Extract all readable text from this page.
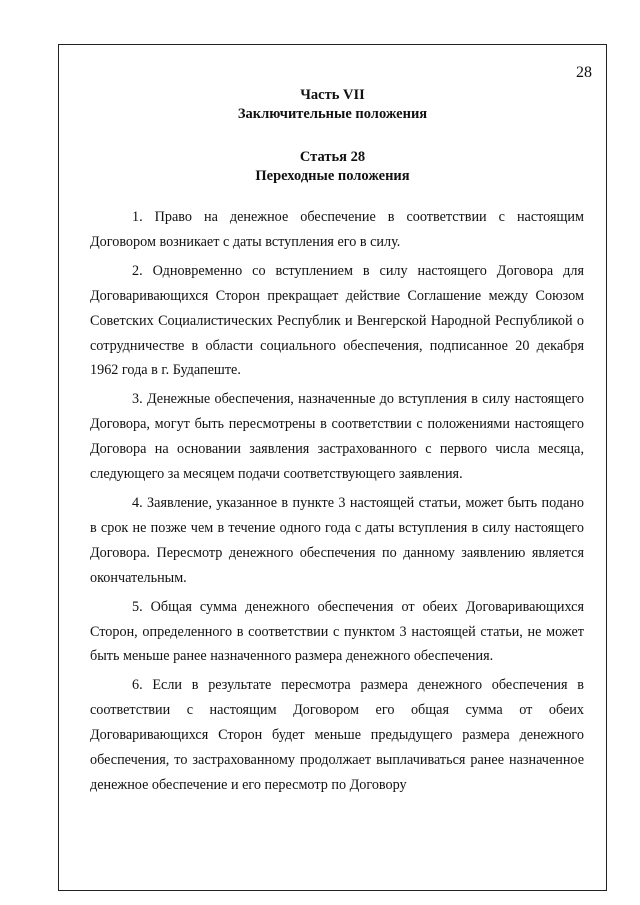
28
Часть VII
Заключительные положения
Статья 28
Переходные положения

1. Право на денежное обеспечение в соответствии с настоящим Договором возникает с даты вступления его в силу.

2. Одновременно со вступлением в силу настоящего Договора для Договаривающихся Сторон прекращает действие Соглашение между Союзом Советских Социалистических Республик и Венгерской Народной Республикой о сотрудничестве в области социального обеспечения, подписанное 20 декабря 1962 года в г. Будапеште.

3. Денежные обеспечения, назначенные до вступления в силу настоящего Договора, могут быть пересмотрены в соответствии с положениями настоящего Договора на основании заявления застрахованного с первого числа месяца, следующего за месяцем подачи соответствующего заявления.

4. Заявление, указанное в пункте 3 настоящей статьи, может быть подано в срок не позже чем в течение одного года с даты вступления в силу настоящего Договора. Пересмотр денежного обеспечения по данному заявлению является окончательным.

5. Общая сумма денежного обеспечения от обеих Договаривающихся Сторон, определенного в соответствии с пунктом 3 настоящей статьи, не может быть меньше ранее назначенного размера денежного обеспечения.

6. Если в результате пересмотра размера денежного обеспечения в соответствии с настоящим Договором его общая сумма от обеих Договаривающихся Сторон будет меньше предыдущего размера денежного обеспечения, то застрахованному продолжает выплачиваться ранее назначенное денежное обеспечение и его пересмотр по Договору
